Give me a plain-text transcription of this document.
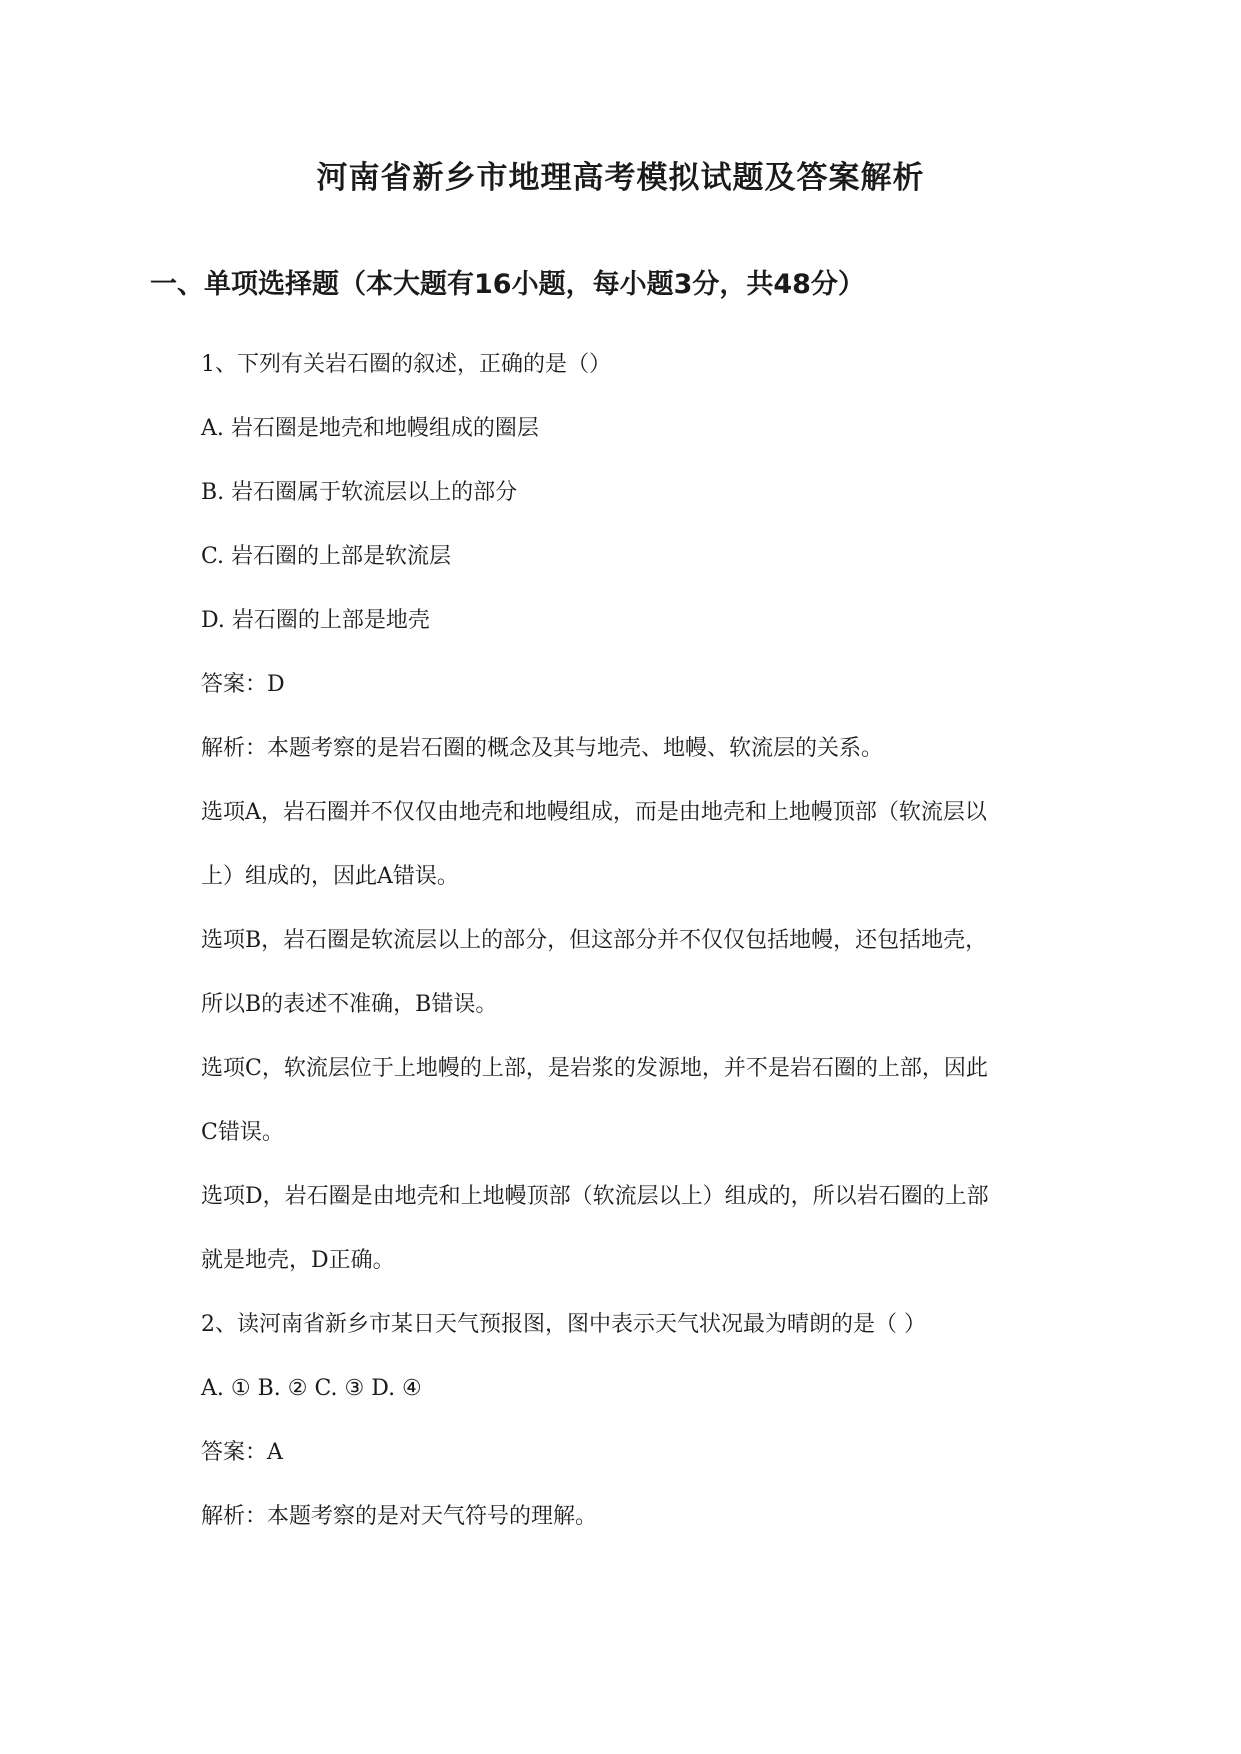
河南省新乡市地理高考模拟试题及答案解析
一、单项选择题（本大题有16小题，每小题3分，共48分）
1、下列有关岩石圈的叙述，正确的是（）
A. 岩石圈是地壳和地幔组成的圈层
B. 岩石圈属于软流层以上的部分
C. 岩石圈的上部是软流层
D. 岩石圈的上部是地壳
答案：D
解析：本题考察的是岩石圈的概念及其与地壳、地幔、软流层的关系。
选项A，岩石圈并不仅仅由地壳和地幔组成，而是由地壳和上地幔顶部（软流层以
上）组成的，因此A错误。
选项B，岩石圈是软流层以上的部分，但这部分并不仅仅包括地幔，还包括地壳，
所以B的表述不准确，B错误。
选项C，软流层位于上地幔的上部，是岩浆的发源地，并不是岩石圈的上部，因此
C错误。
选项D，岩石圈是由地壳和上地幔顶部（软流层以上）组成的，所以岩石圈的上部
就是地壳，D正确。
2、读河南省新乡市某日天气预报图，图中表示天气状况最为晴朗的是（ ）
A. ① B. ② C. ③ D. ④
答案：A
解析：本题考察的是对天气符号的理解。
